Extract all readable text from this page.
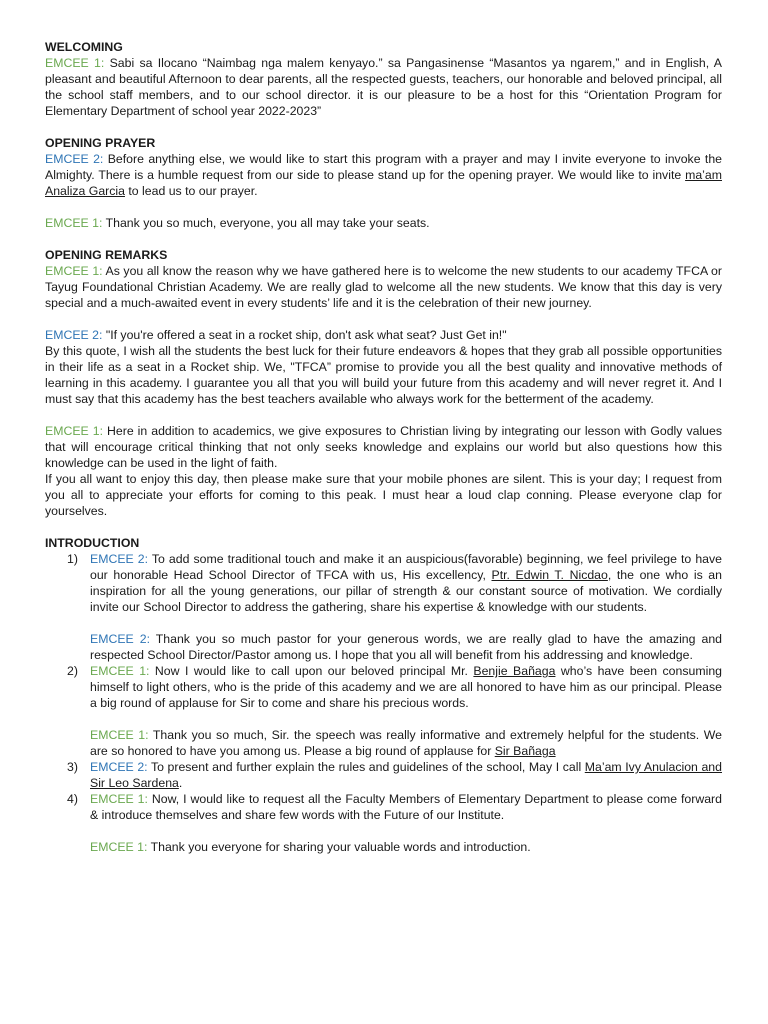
WELCOMING

EMCEE 1: Sabi sa Ilocano “Naimbag nga malem kenyayo.” sa Pangasinense “Masantos ya ngarem,” and in English, A pleasant and beautiful Afternoon to dear parents, all the respected guests, teachers, our honorable and beloved principal, all the school staff members, and to our school director. it is our pleasure to be a host for this “Orientation Program for Elementary Department of school year 2022-2023”

OPENING PRAYER

EMCEE 2: Before anything else, we would like to start this program with a prayer and may I invite everyone to invoke the Almighty. There is a humble request from our side to please stand up for the opening prayer. We would like to invite ma’am Analiza Garcia to lead us to our prayer.

EMCEE 1: Thank you so much, everyone, you all may take your seats.

OPENING REMARKS

EMCEE 1: As you all know the reason why we have gathered here is to welcome the new students to our academy TFCA or Tayug Foundational Christian Academy. We are really glad to welcome all the new students. We know that this day is very special and a much-awaited event in every students’ life and it is the celebration of their new journey.

EMCEE 2: "If you're offered a seat in a rocket ship, don't ask what seat? Just Get in!"

By this quote, I wish all the students the best luck for their future endeavors & hopes that they grab all possible opportunities in their life as a seat in a Rocket ship. We, "TFCA” promise to provide you all the best quality and innovative methods of learning in this academy. I guarantee you all that you will build your future from this academy and will never regret it. And I must say that this academy has the best teachers available who always work for the betterment of the academy.

EMCEE 1: Here in addition to academics, we give exposures to Christian living by integrating our lesson with Godly values that will encourage critical thinking that not only seeks knowledge and explains our world but also questions how this knowledge can be used in the light of faith.

If you all want to enjoy this day, then please make sure that your mobile phones are silent. This is your day; I request from you all to appreciate your efforts for coming to this peak. I must hear a loud clap conning. Please everyone clap for yourselves.

INTRODUCTION
1) EMCEE 2: To add some traditional touch and make it an auspicious(favorable) beginning, we feel privilege to have our honorable Head School Director of TFCA with us, His excellency, Ptr. Edwin T. Nicdao, the one who is an inspiration for all the young generations, our pillar of strength & our constant source of motivation. We cordially invite our School Director to address the gathering, share his expertise & knowledge with our students.

EMCEE 2: Thank you so much pastor for your generous words, we are really glad to have the amazing and respected School Director/Pastor among us. I hope that you all will benefit from his addressing and knowledge.

2) EMCEE 1: Now I would like to call upon our beloved principal Mr. Benjie Bañaga who’s have been consuming himself to light others, who is the pride of this academy and we are all honored to have him as our principal. Please a big round of applause for Sir to come and share his precious words.

EMCEE 1: Thank you so much, Sir. the speech was really informative and extremely helpful for the students. We are so honored to have you among us. Please a big round of applause for Sir Bañaga

3) EMCEE 2: To present and further explain the rules and guidelines of the school, May I call Ma’am Ivy Anulacion and Sir Leo Sardena.

4) EMCEE 1: Now, I would like to request all the Faculty Members of Elementary Department to please come forward & introduce themselves and share few words with the Future of our Institute.

EMCEE 1: Thank you everyone for sharing your valuable words and introduction.
